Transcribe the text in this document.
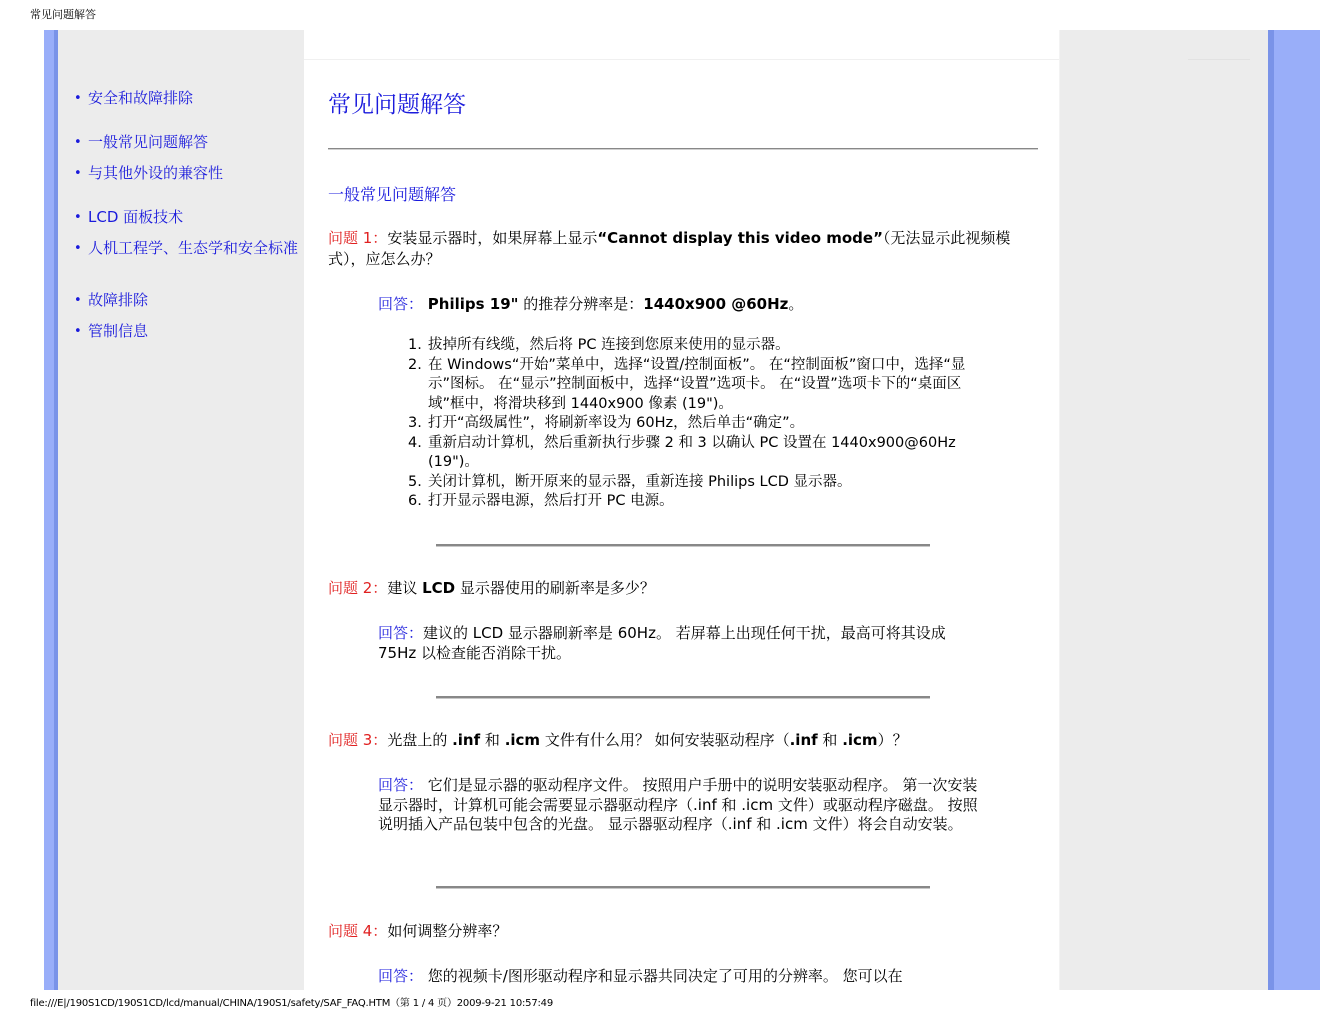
常见问题解答
• 安全和故障排除
• 一般常见问题解答
• 与其他外设的兼容性
• LCD 面板技术
• 人机工程学、生态学和安全标准
• 故障排除
• 管制信息
常见问题解答
一般常见问题解答
问题 1：安装显示器时，如果屏幕上显示“Cannot display this video mode”（无法显示此视频模式），应怎么办？
回答： Philips 19" 的推荐分辨率是：1440x900 @60Hz。
1. 拔掉所有线缆，然后将 PC 连接到您原来使用的显示器。
2. 在 Windows“开始”菜单中，选择“设置/控制面板”。 在“控制面板”窗口中，选择“显示”图标。 在“显示”控制面板中，选择“设置”选项卡。 在“设置”选项卡下的“桌面区域”框中，将滑块移到 1440x900 像素 (19")。
3. 打开“高级属性”，将刷新率设为 60Hz，然后单击“确定”。
4. 重新启动计算机，然后重新执行步骤 2 和 3 以确认 PC 设置在 1440x900@60Hz (19")。
5. 关闭计算机，断开原来的显示器，重新连接 Philips LCD 显示器。
6. 打开显示器电源，然后打开 PC 电源。
问题 2：建议 LCD 显示器使用的刷新率是多少？
回答：建议的 LCD 显示器刷新率是 60Hz。 若屏幕上出现任何干扰，最高可将其设成 75Hz 以检查能否消除干扰。
问题 3：光盘上的 .inf 和 .icm 文件有什么用？ 如何安装驱动程序（.inf 和 .icm）？
回答： 它们是显示器的驱动程序文件。 按照用户手册中的说明安装驱动程序。 第一次安装显示器时，计算机可能会需要显示器驱动程序（.inf 和 .icm 文件）或驱动程序磁盘。 按照说明插入产品包装中包含的光盘。 显示器驱动程序（.inf 和 .icm 文件）将会自动安装。
问题 4：如何调整分辨率？
回答： 您的视频卡/图形驱动程序和显示器共同决定了可用的分辨率。 您可以在
file:///E|/190S1CD/190S1CD/lcd/manual/CHINA/190S1/safety/SAF_FAQ.HTM（第 1 / 4 页）2009-9-21 10:57:49
